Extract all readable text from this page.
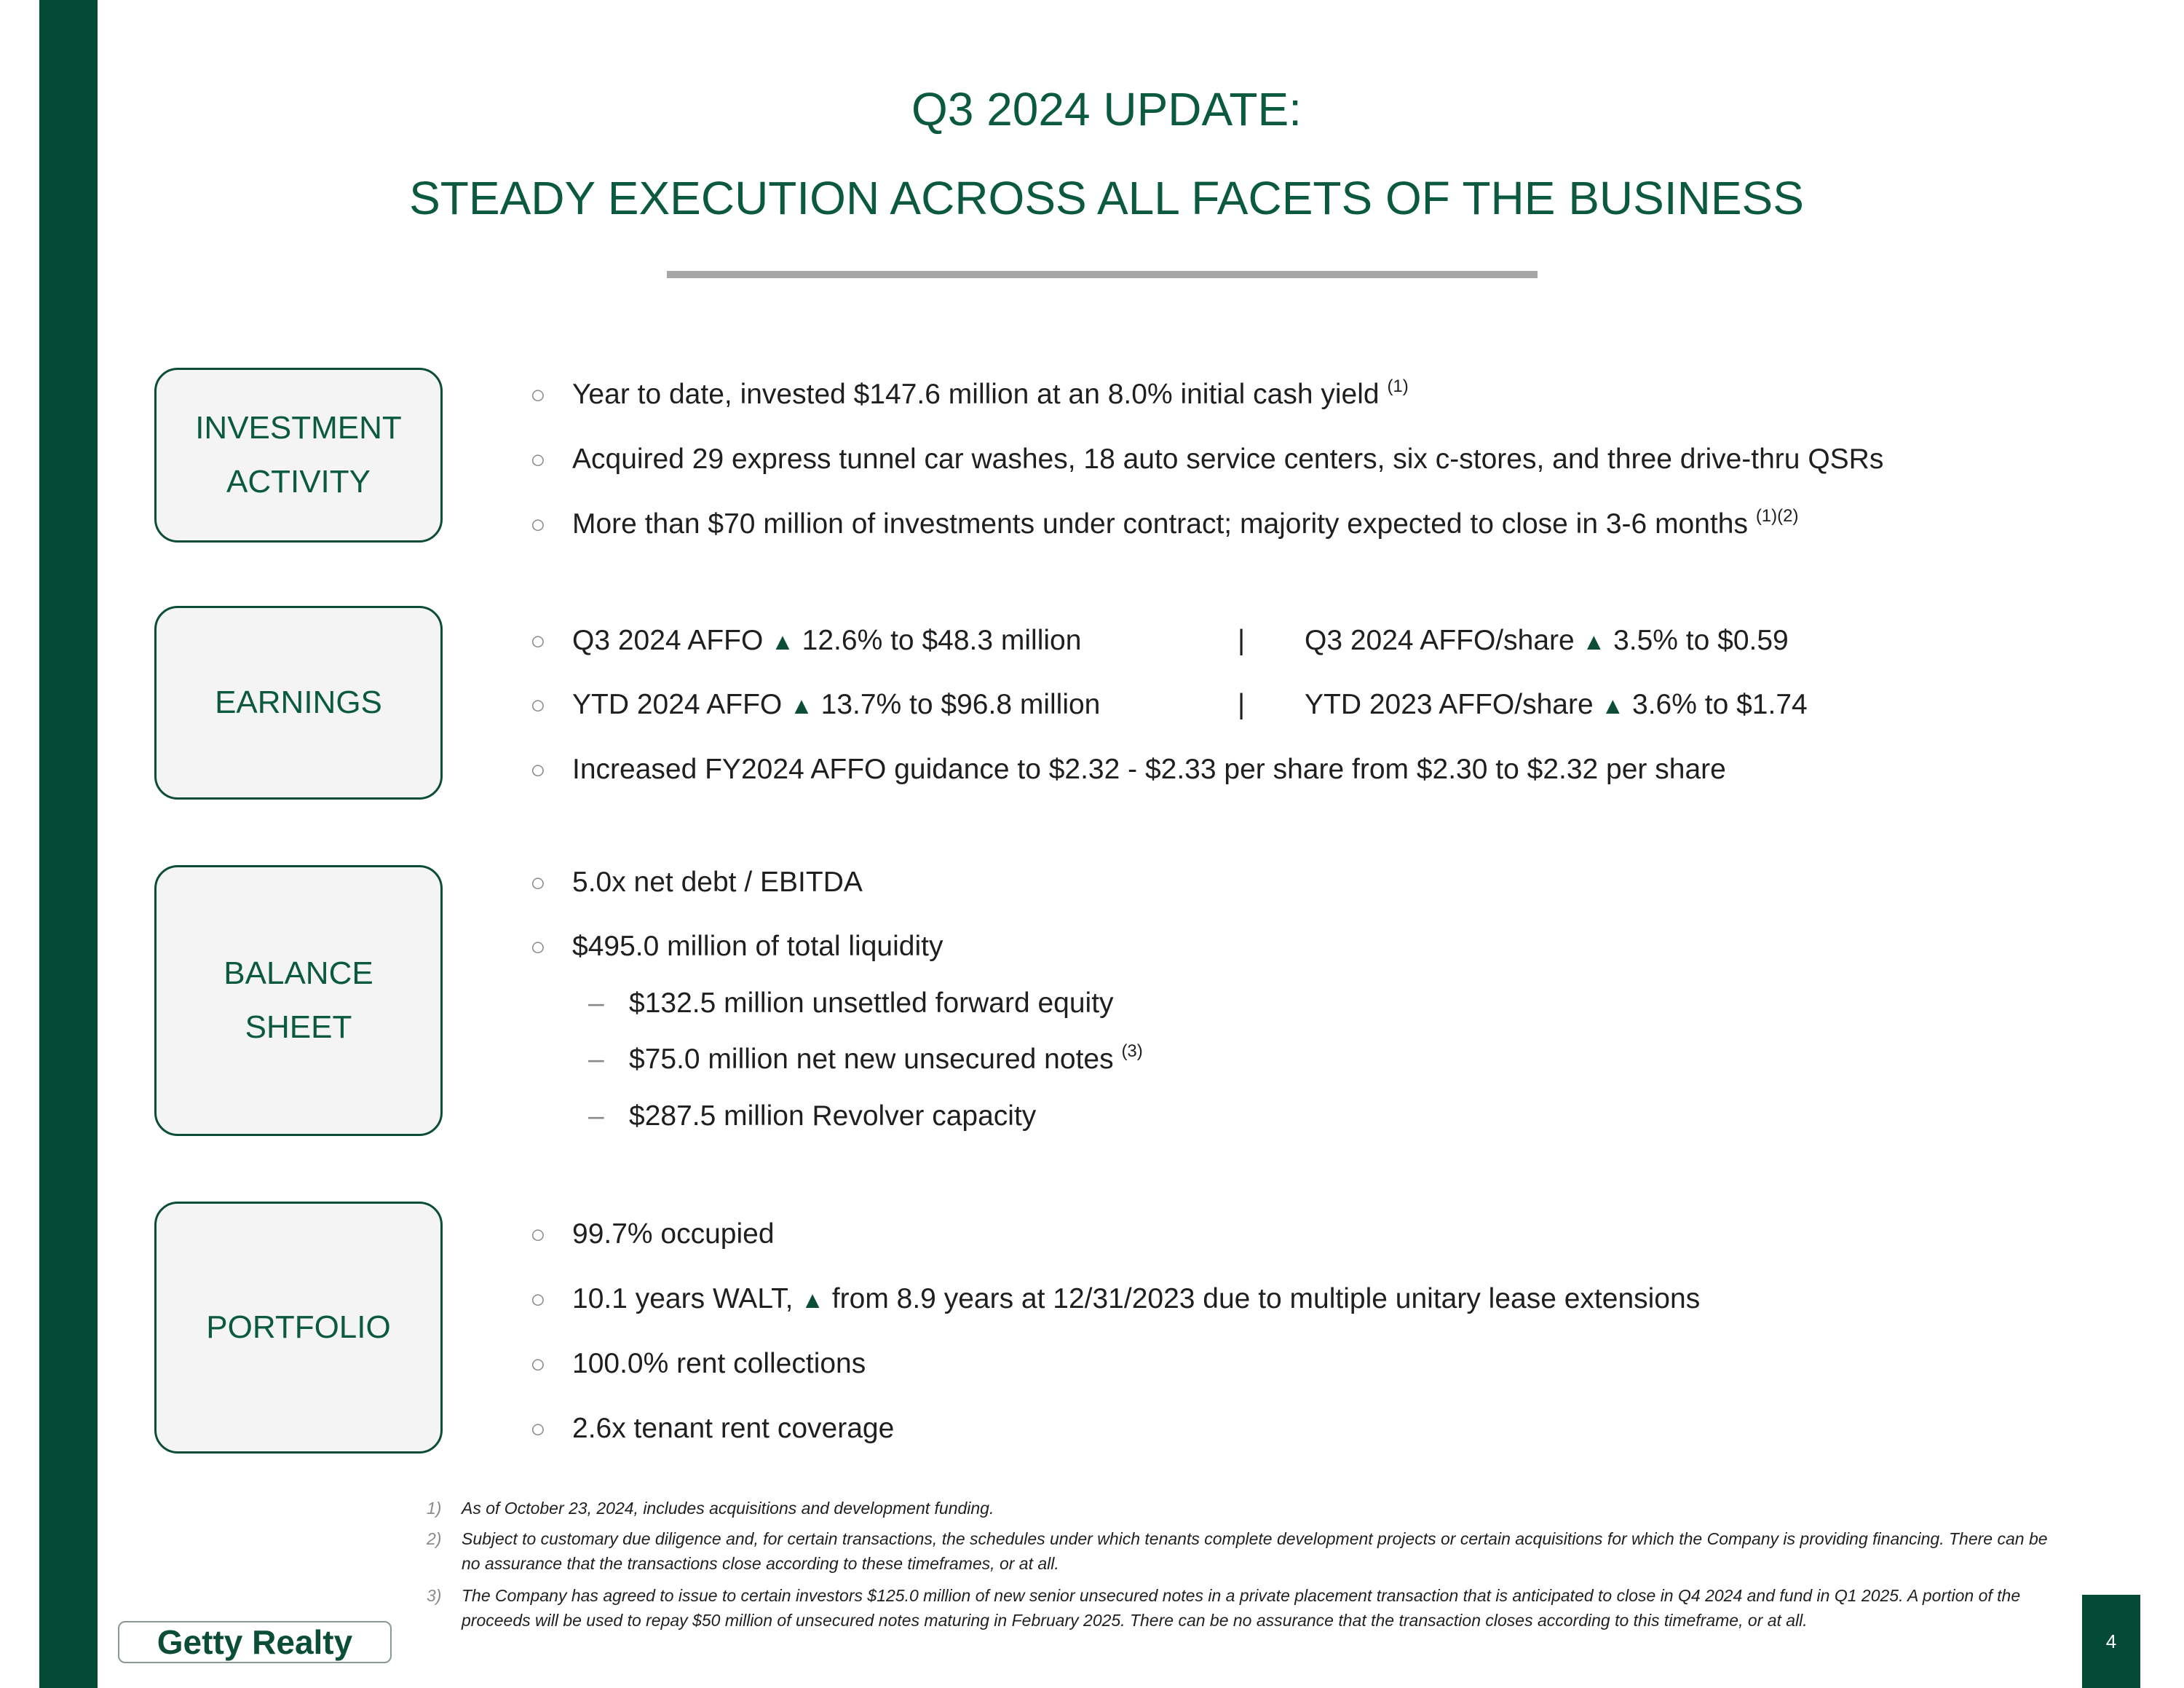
Q3 2024 UPDATE:
STEADY EXECUTION ACROSS ALL FACETS OF THE BUSINESS
INVESTMENT
ACTIVITY
○ Year to date, invested $147.6 million at an 8.0% initial cash yield $^{(1)}$
○ Acquired 29 express tunnel car washes, 18 auto service centers, six c-stores, and three drive-thru QSRs
○ More than $70 million of investments under contract; majority expected to close in 3-6 months $^{(1)(2)}$
EARNINGS
○ Q3 2024 AFFO ▲ 12.6% to $48.3 million	| Q3 2024 AFFO/share ▲ 3.5% to $0.59
○ YTD 2024 AFFO ▲ 13.7% to $96.8 million	| YTD 2023 AFFO/share ▲ 3.6% to $1.74
○ Increased FY2024 AFFO guidance to $2.32 - $2.33 per share from $2.30 to $2.32 per share
BALANCE
SHEET
○ 5.0x net debt / EBITDA
○ $495.0 million of total liquidity
– $132.5 million unsettled forward equity
– $75.0 million net new unsecured notes $^{(3)}$
– $287.5 million Revolver capacity
PORTFOLIO
○ 99.7% occupied
○ 10.1 years WALT, ▲ from 8.9 years at 12/31/2023 due to multiple unitary lease extensions
○ 100.0% rent collections
○ 2.6x tenant rent coverage
1) As of October 23, 2024, includes acquisitions and development funding.
2) Subject to customary due diligence and, for certain transactions, the schedules under which tenants complete development projects or certain acquisitions for which the Company is providing financing. There can be no assurance that the transactions close according to these timeframes, or at all.
3) The Company has agreed to issue to certain investors $125.0 million of new senior unsecured notes in a private placement transaction that is anticipated to close in Q4 2024 and fund in Q1 2025. A portion of the proceeds will be used to repay $50 million of unsecured notes maturing in February 2025. There can be no assurance that the transaction closes according to this timeframe, or at all.
Getty Realty	4
